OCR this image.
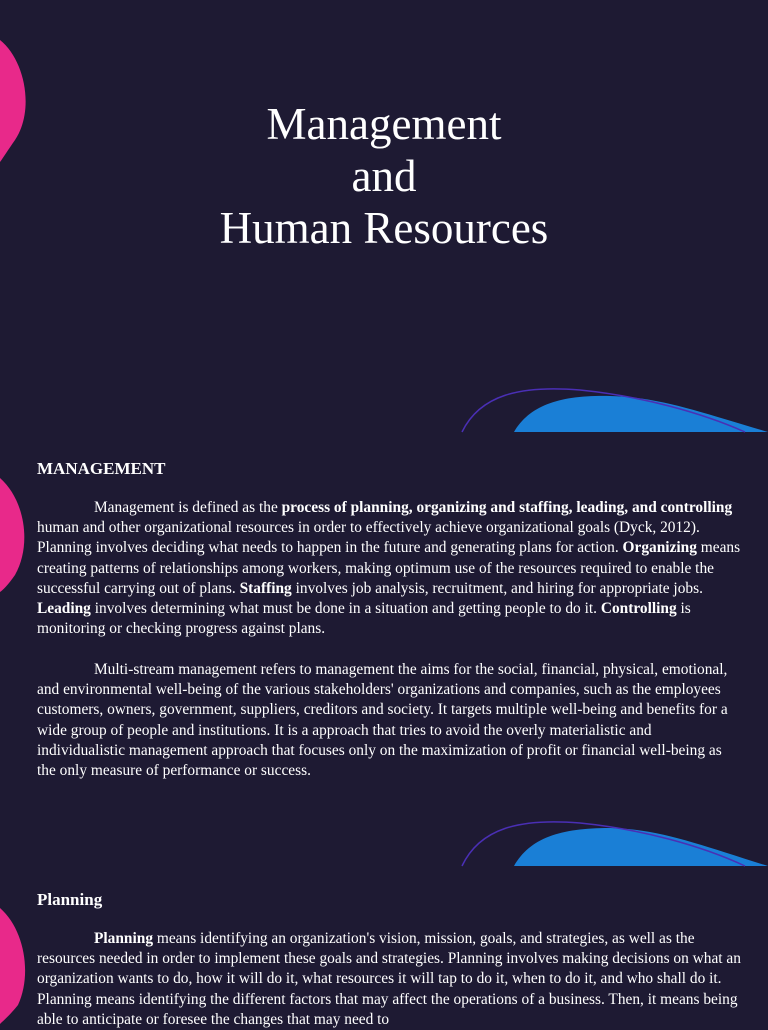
Management
and
Human Resources
MANAGEMENT

Management is defined as the process of planning, organizing and staffing, leading, and controlling human and other organizational resources in order to effectively achieve organizational goals (Dyck, 2012). Planning involves deciding what needs to happen in the future and generating plans for action. Organizing means creating patterns of relationships among workers, making optimum use of the resources required to enable the successful carrying out of plans. Staffing involves job analysis, recruitment, and hiring for appropriate jobs. Leading involves determining what must be done in a situation and getting people to do it. Controlling is monitoring or checking progress against plans.

Multi-stream management refers to management the aims for the social, financial, physical, emotional, and environmental well-being of the various stakeholders' organizations and companies, such as the employees customers, owners, government, suppliers, creditors and society. It targets multiple well-being and benefits for a wide group of people and institutions. It is a approach that tries to avoid the overly materialistic and individualistic management approach that focuses only on the maximization of profit or financial well-being as the only measure of performance or success.

Planning

Planning means identifying an organization's vision, mission, goals, and strategies, as well as the resources needed in order to implement these goals and strategies. Planning involves making decisions on what an organization wants to do, how it will do it, what resources it will tap to do it, when to do it, and who shall do it. Planning means identifying the different factors that may affect the operations of a business. Then, it means being able to anticipate or foresee the changes that may need to
